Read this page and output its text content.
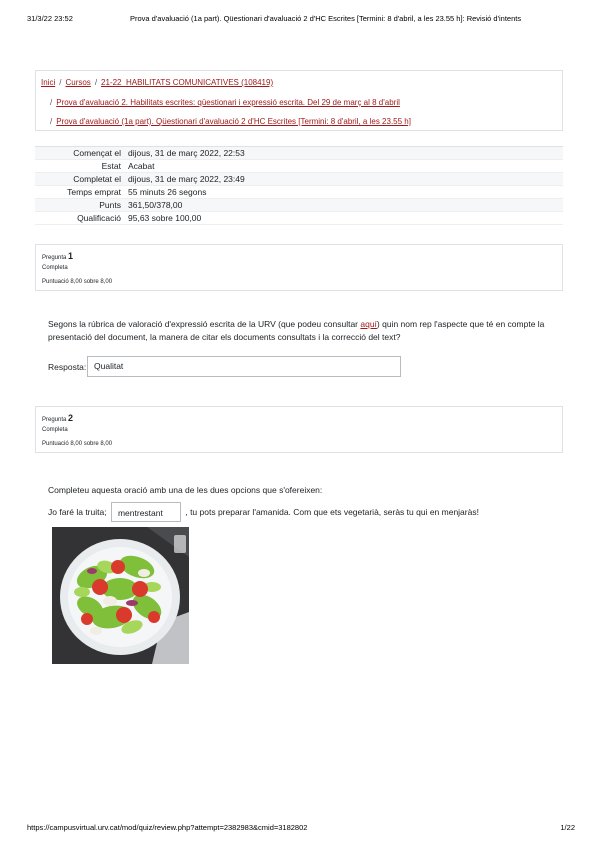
31/3/22 23:52	Prova d'avaluació (1a part). Qüestionari d'avaluació 2 d'HC Escrites [Termini: 8 d'abril, a les 23.55 h]: Revisió d'intents
Inici / Cursos / 21-22_HABILITATS COMUNICATIVES (108419)
/ Prova d'avaluació 2. Habilitats escrites: qüestionari i expressió escrita. Del 29 de març al 8 d'abril
/ Prova d'avaluació (1a part). Qüestionari d'avaluació 2 d'HC Escrites [Termini: 8 d'abril, a les 23.55 h]
Començat el dijous, 31 de març 2022, 22:53
Estat Acabat
Completat el dijous, 31 de març 2022, 23:49
Temps emprat 55 minuts 26 segons
Punts 361,50/378,00
Qualificació 95,63 sobre 100,00
Pregunta 1
Completa
Puntuació 8,00 sobre 8,00
Segons la rúbrica de valoració d'expressió escrita de la URV (que podeu consultar aquí) quin nom rep l'aspecte que té en compte la presentació del document, la manera de citar els documents consultats i la correcció del text?
Resposta: Qualitat
Pregunta 2
Completa
Puntuació 8,00 sobre 8,00
Completeu aquesta oració amb una de les dues opcions que s'ofereixen:
Jo faré la truita; mentrestant	, tu pots preparar l'amanida. Com que ets vegetarià, seràs tu qui en menjaràs!
https://campusvirtual.urv.cat/mod/quiz/review.php?attempt=2382983&cmid=3182802	1/22
